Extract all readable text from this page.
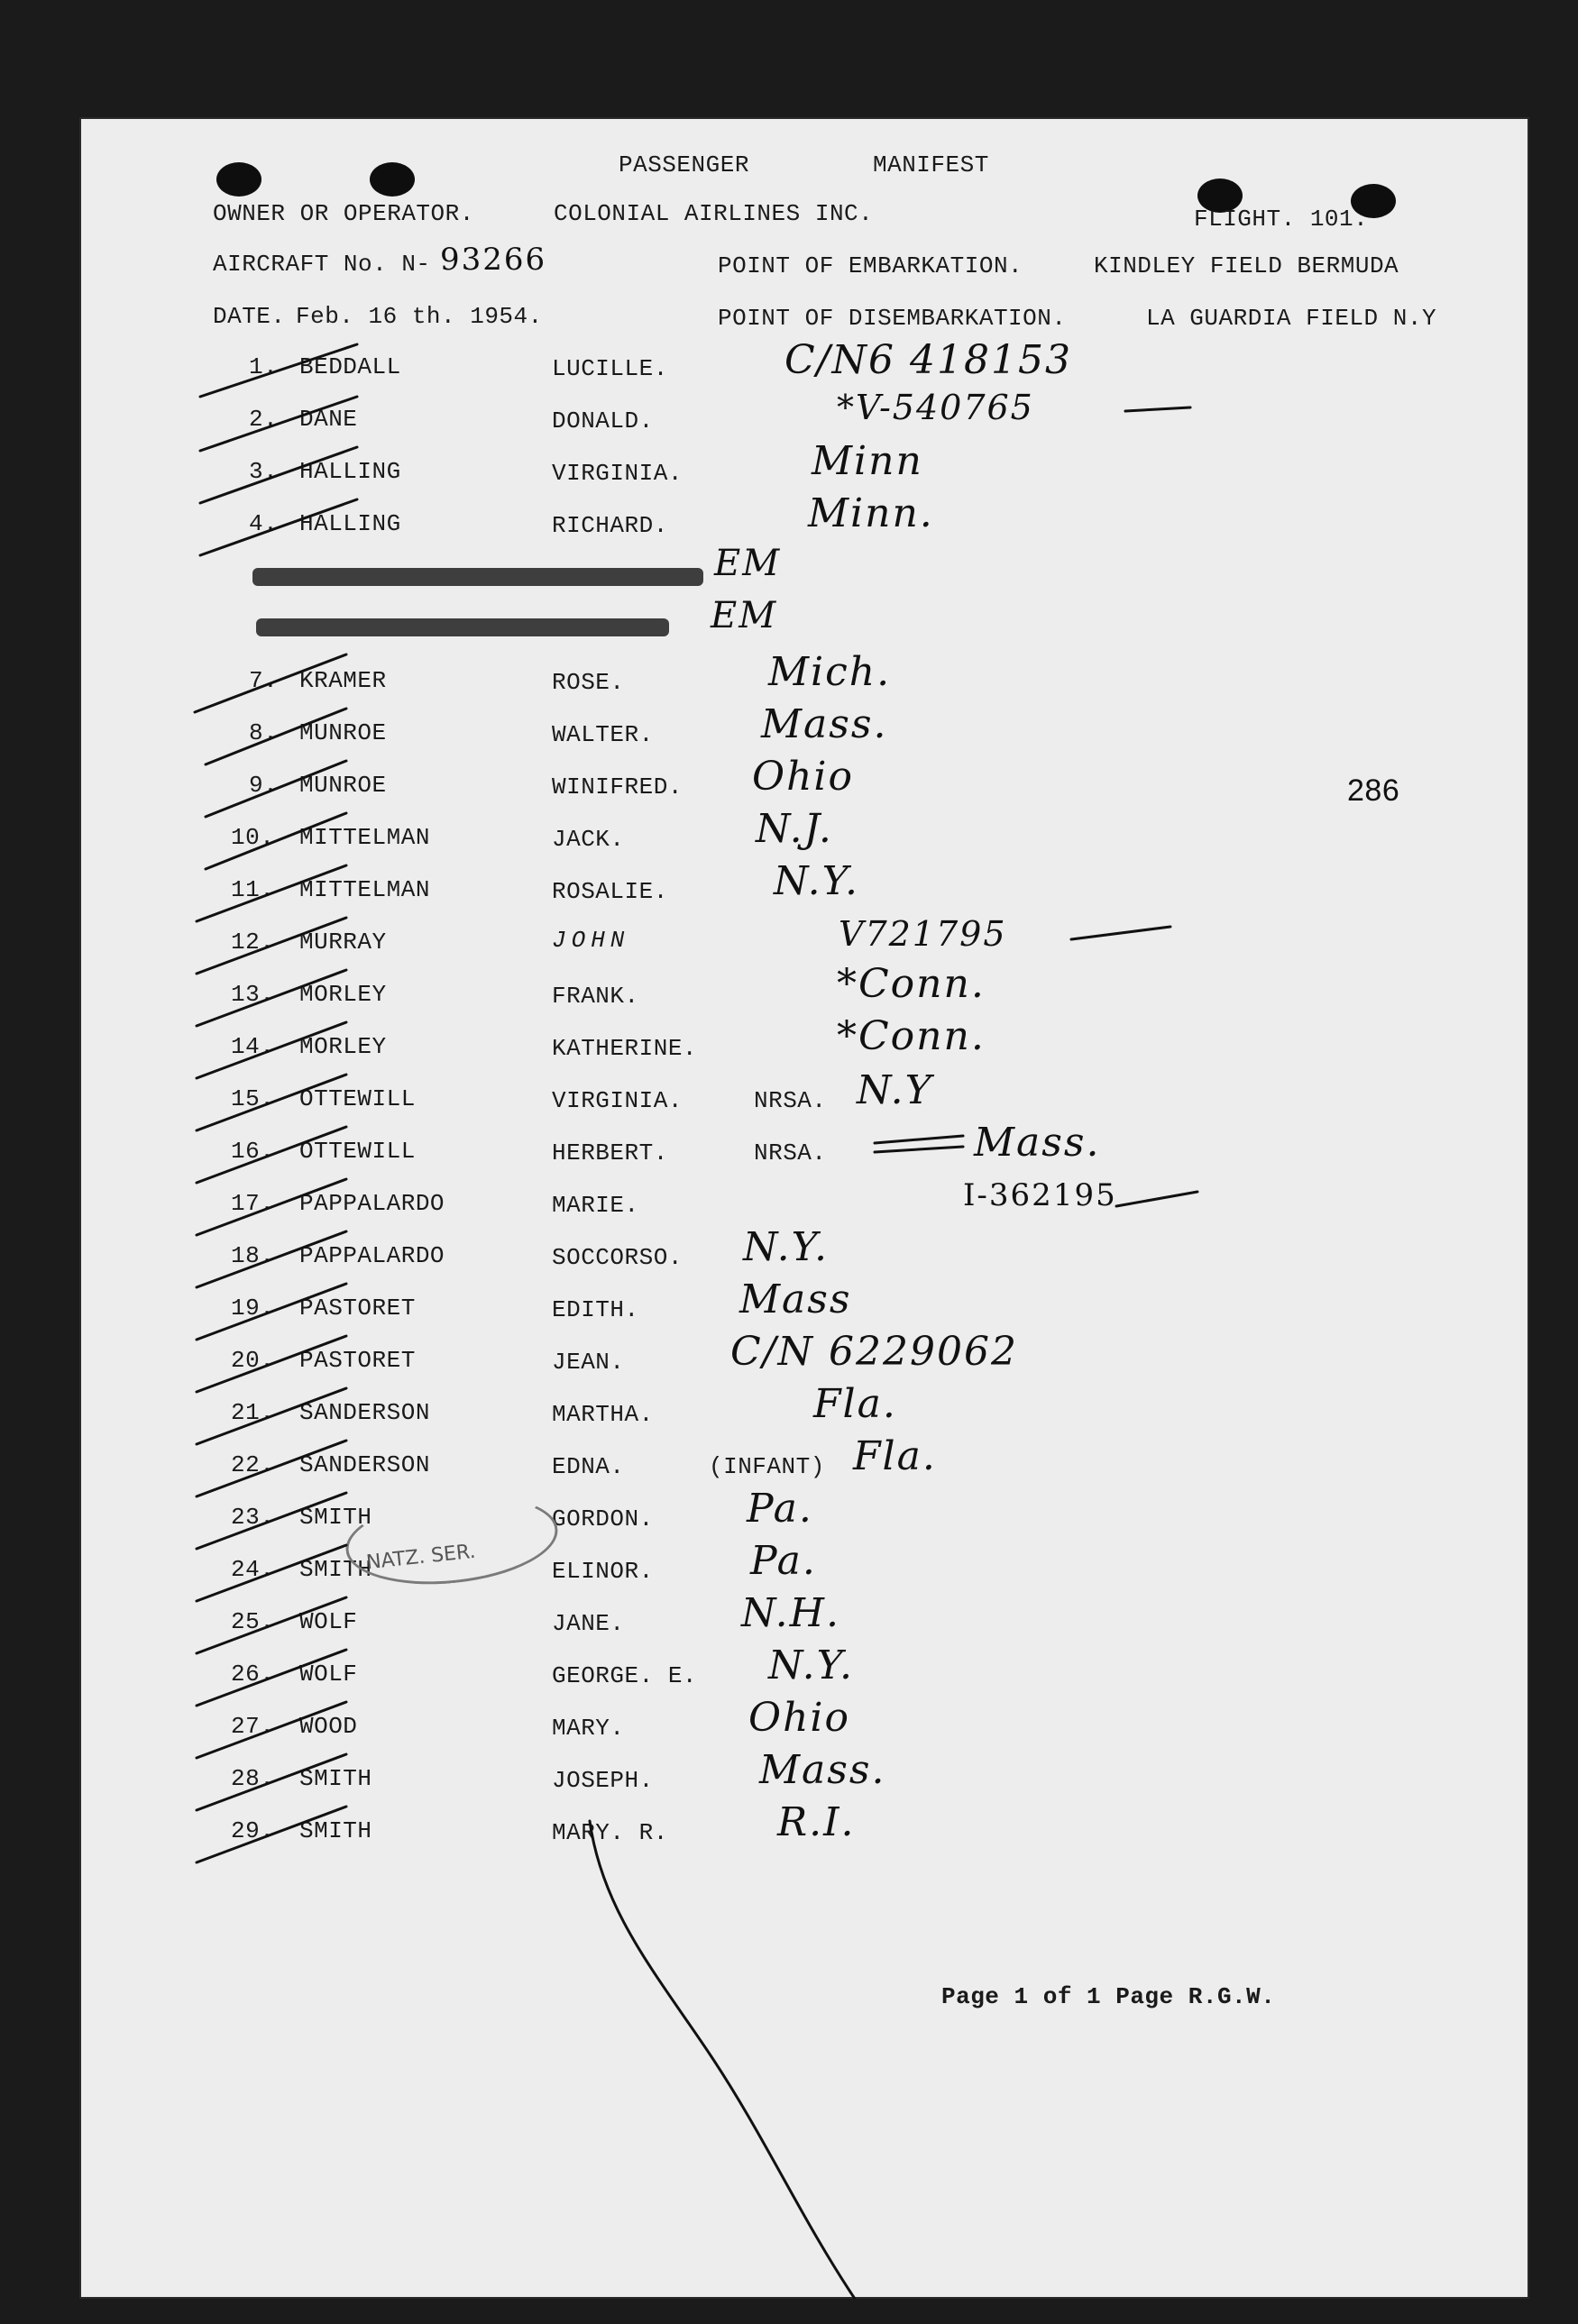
PASSENGER	MANIFEST
OWNER OR OPERATOR.	COLONIAL AIRLINES INC.	FLIGHT. 101.
AIRCRAFT No. N- 93266	POINT OF EMBARKATION.	KINDLEY FIELD BERMUDA
DATE. Feb. 16 th. 1954.	POINT OF DISEMBARKATION.	LA GUARDIA FIELD N.Y
286
1. BEDDALL	LUCILLE.	C/N6 418153
2. DANE	DONALD.	*V-540765
3. HALLING	VIRGINIA.	Minn
4. HALLING	RICHARD.	Minn.
EM
EM
7. KRAMER	ROSE.	Mich.
8. MUNROE	WALTER.	Mass.
9. MUNROE	WINIFRED. Ohio
10. MITTELMAN	JACK.	N.J.
11. MITTELMAN	ROSALIE.	N.Y.
12. MURRAY	JOHN	V721795
13. MORLEY	FRANK.	*Conn.
14. MORLEY	KATHERINE.	*Conn.
15. OTTEWILL	VIRGINIA.	NRSA. N.Y
16. OTTEWILL	HERBERT.	NRSA.	Mass.
17. PAPPALARDO	MARIE.	I-362195
18. PAPPALARDO	SOCCORSO. N.Y.
19. PASTORET	EDITH.	Mass
20. PASTORET	JEAN.	C/N 6229062
21. SANDERSON	MARTHA.	Fla.
22. SANDERSON	EDNA.	(INFANT) Fla.
23. SMITH	GORDON. Pa.
24. SMITH	ELINOR. Pa.
25. WOLF	JANE.	N.H.
26. WOLF	GEORGE. E. N.Y.
27. WOOD	MARY.	Ohio
28. SMITH	JOSEPH.	Mass.
29. SMITH	MARY. R.	R.I.
NATZ. SER.
Page 1 of 1 Page R.G.W.
